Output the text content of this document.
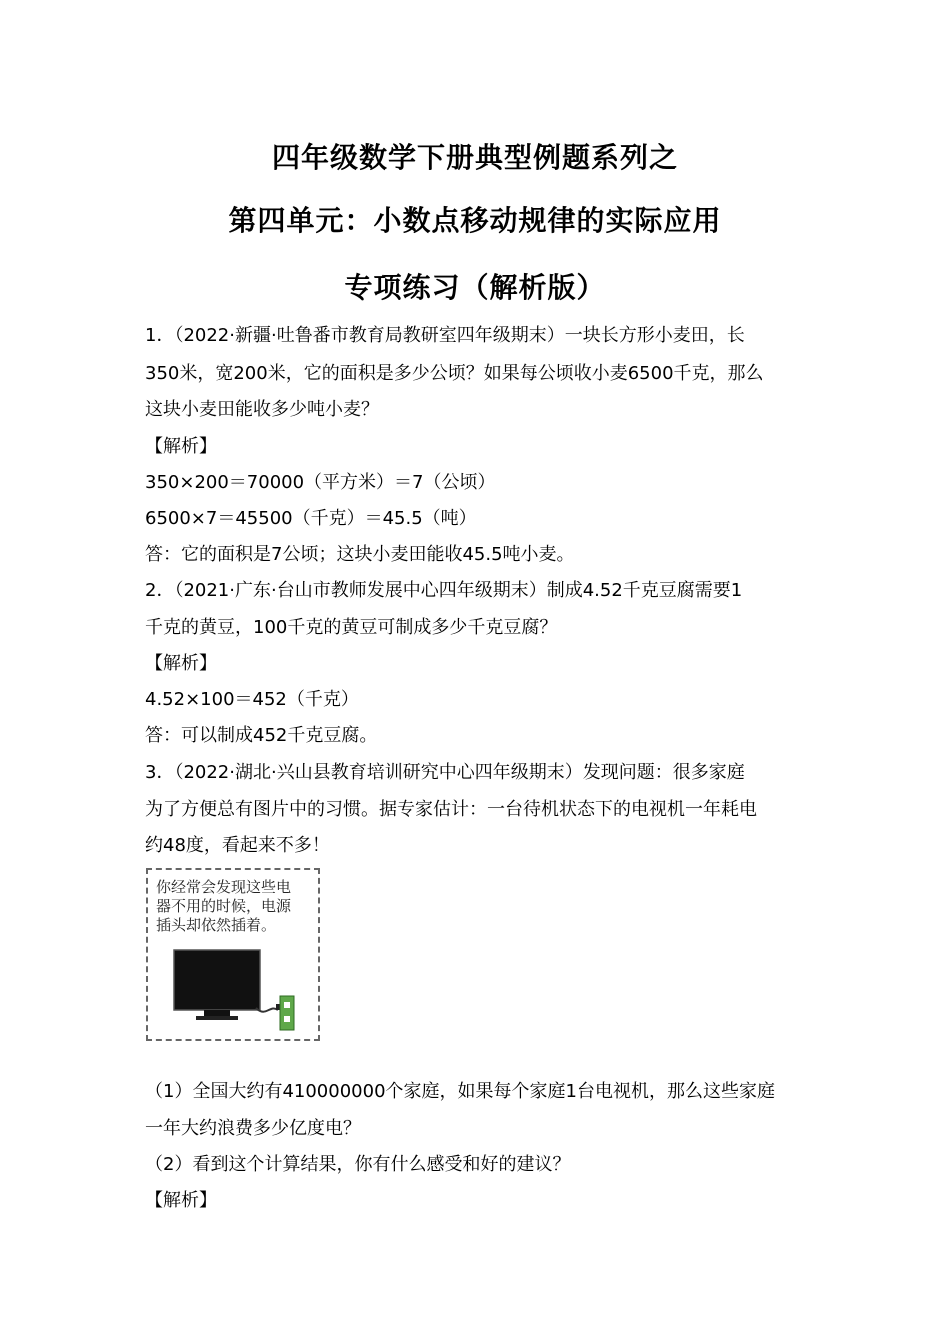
四年级数学下册典型例题系列之
第四单元：小数点移动规律的实际应用
专项练习（解析版）
1．（2022·新疆·吐鲁番市教育局教研室四年级期末）一块长方形小麦田，长
350米，宽200米，它的面积是多少公顷？如果每公顷收小麦6500千克，那么
这块小麦田能收多少吨小麦？
【解析】
350×200＝70000（平方米）＝7（公顷）
6500×7＝45500（千克）＝45.5（吨）
答：它的面积是7公顷；这块小麦田能收45.5吨小麦。
2．（2021·广东·台山市教师发展中心四年级期末）制成4.52千克豆腐需要1
千克的黄豆，100千克的黄豆可制成多少千克豆腐？
【解析】
4.52×100＝452（千克）
答：可以制成452千克豆腐。
3．（2022·湖北·兴山县教育培训研究中心四年级期末）发现问题：很多家庭
为了方便总有图片中的习惯。据专家估计：一台待机状态下的电视机一年耗电
约48度，看起来不多！
你经常会发现这些电
器不用的时候，电源
插头却依然插着。
（1）全国大约有410000000个家庭，如果每个家庭1台电视机，那么这些家庭
一年大约浪费多少亿度电？
（2）看到这个计算结果，你有什么感受和好的建议？
【解析】
